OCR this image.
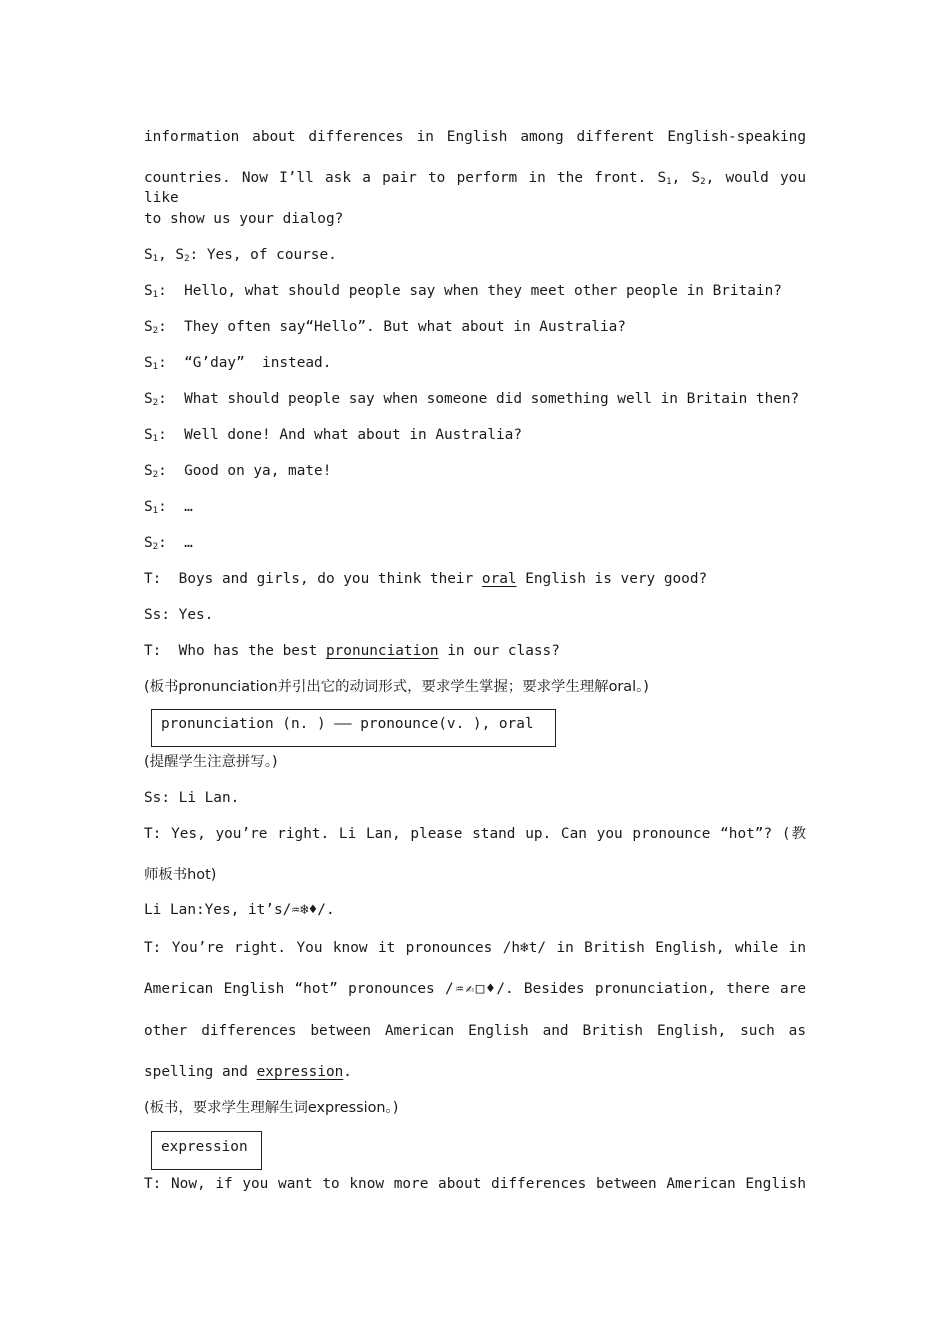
information about differences in English among different English-speaking
countries. Now I’ll ask a pair to perform in the front. $S_1$, $S_2$, would you like
to show us your dialog?
$S_1$, $S_2$: Yes, of course.
$S_1$:  Hello, what should people say when they meet other people in Britain?
$S_2$:  They often say“Hello”. But what about in Australia?
$S_1$:  “G’day”  instead.
$S_2$:  What should people say when someone did something well in Britain then?
$S_1$:  Well done! And what about in Australia?
$S_2$:  Good on ya, mate!
$S_1$:  …
$S_2$:  …
T:  Boys and girls, do you think their oral English is very good?
Ss: Yes.
T:  Who has the best pronunciation in our class?
(板书pronunciation并引出它的动词形式，要求学生掌握；要求学生理解oral。)
pronunciation (n. ) —— pronounce(v. ), oral
(提醒学生注意拼写。)
Ss: Li Lan.
T: Yes, you’re right. Li Lan, please stand up. Can you pronounce “hot”? (教
师板书hot)
Li Lan:Yes, it’s/♒❄♦/.
T: You’re right. You know it pronounces /h❄t/ in British English, while in
American English “hot” pronounces /♒✍□♦/. Besides pronunciation, there are
other differences between American English and British English, such as
spelling and expression.
(板书，要求学生理解生词expression。)
expression
T: Now, if you want to know more about differences between American English
